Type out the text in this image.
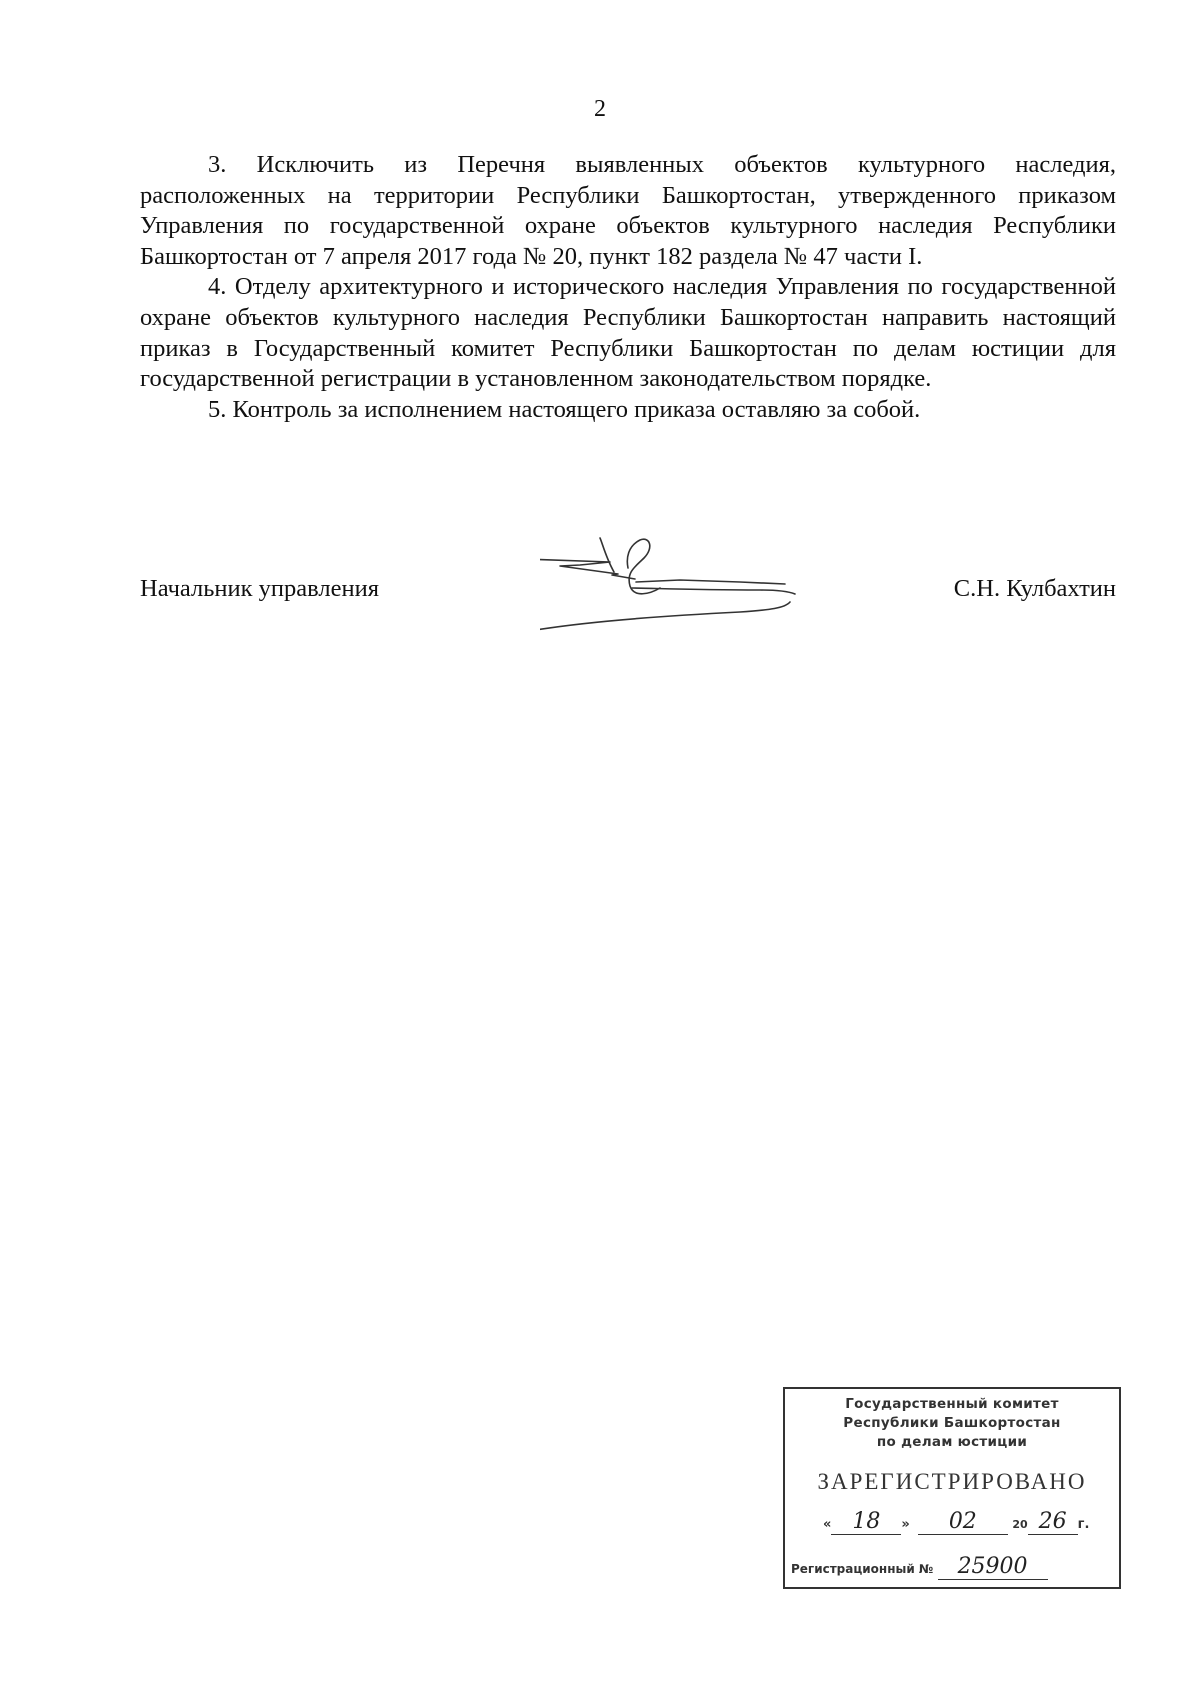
2

3. Исключить из Перечня выявленных объектов культурного наследия, расположенных на территории Республики Башкортостан, утвержденного приказом Управления по государственной охране объектов культурного наследия Республики Башкортостан от 7 апреля 2017 года № 20, пункт 182 раздела № 47 части I.

4. Отделу архитектурного и исторического наследия Управления по государственной охране объектов культурного наследия Республики Башкортостан направить настоящий приказ в Государственный комитет Республики Башкортостан по делам юстиции для государственной регистрации в установленном законодательством порядке.

5. Контроль за исполнением настоящего приказа оставляю за собой.

Начальник управления	С.Н. Кулбахтин
Государственный комитет
Республики Башкортостан
по делам юстиции
ЗАРЕГИСТРИРОВАНО
« 18 » 02	20 26 г.
Регистрационный № 25900
